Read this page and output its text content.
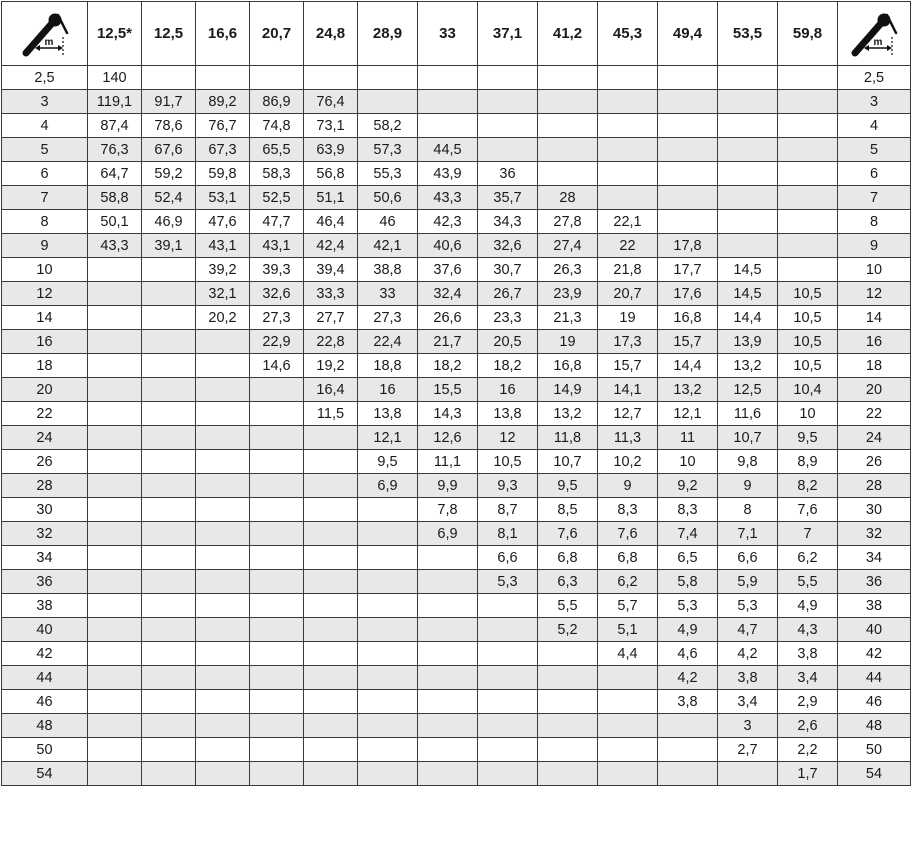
m	12,5*	12,5	16,6	20,7	24,8	28,9	33	37,1	41,2	45,3	49,4	53,5	59,8	m

2,5	140													2,5
3	119,1	91,7	89,2	86,9	76,4									3
4	87,4	78,6	76,7	74,8	73,1	58,2								4
5	76,3	67,6	67,3	65,5	63,9	57,3	44,5							5
6	64,7	59,2	59,8	58,3	56,8	55,3	43,9	36						6
7	58,8	52,4	53,1	52,5	51,1	50,6	43,3	35,7	28					7
8	50,1	46,9	47,6	47,7	46,4	46	42,3	34,3	27,8	22,1				8
9	43,3	39,1	43,1	43,1	42,4	42,1	40,6	32,6	27,4	22	17,8			9
10			39,2	39,3	39,4	38,8	37,6	30,7	26,3	21,8	17,7	14,5		10
12			32,1	32,6	33,3	33	32,4	26,7	23,9	20,7	17,6	14,5	10,5	12
14			20,2	27,3	27,7	27,3	26,6	23,3	21,3	19	16,8	14,4	10,5	14
16				22,9	22,8	22,4	21,7	20,5	19	17,3	15,7	13,9	10,5	16
18				14,6	19,2	18,8	18,2	18,2	16,8	15,7	14,4	13,2	10,5	18
20					16,4	16	15,5	16	14,9	14,1	13,2	12,5	10,4	20
22					11,5	13,8	14,3	13,8	13,2	12,7	12,1	11,6	10	22
24						12,1	12,6	12	11,8	11,3	11	10,7	9,5	24
26						9,5	11,1	10,5	10,7	10,2	10	9,8	8,9	26
28						6,9	9,9	9,3	9,5	9	9,2	9	8,2	28
30							7,8	8,7	8,5	8,3	8,3	8	7,6	30
32							6,9	8,1	7,6	7,6	7,4	7,1	7	32
34								6,6	6,8	6,8	6,5	6,6	6,2	34
36								5,3	6,3	6,2	5,8	5,9	5,5	36
38									5,5	5,7	5,3	5,3	4,9	38
40									5,2	5,1	4,9	4,7	4,3	40
42										4,4	4,6	4,2	3,8	42
44											4,2	3,8	3,4	44
46											3,8	3,4	2,9	46
48												3	2,6	48
50												2,7	2,2	50
54													1,7	54
